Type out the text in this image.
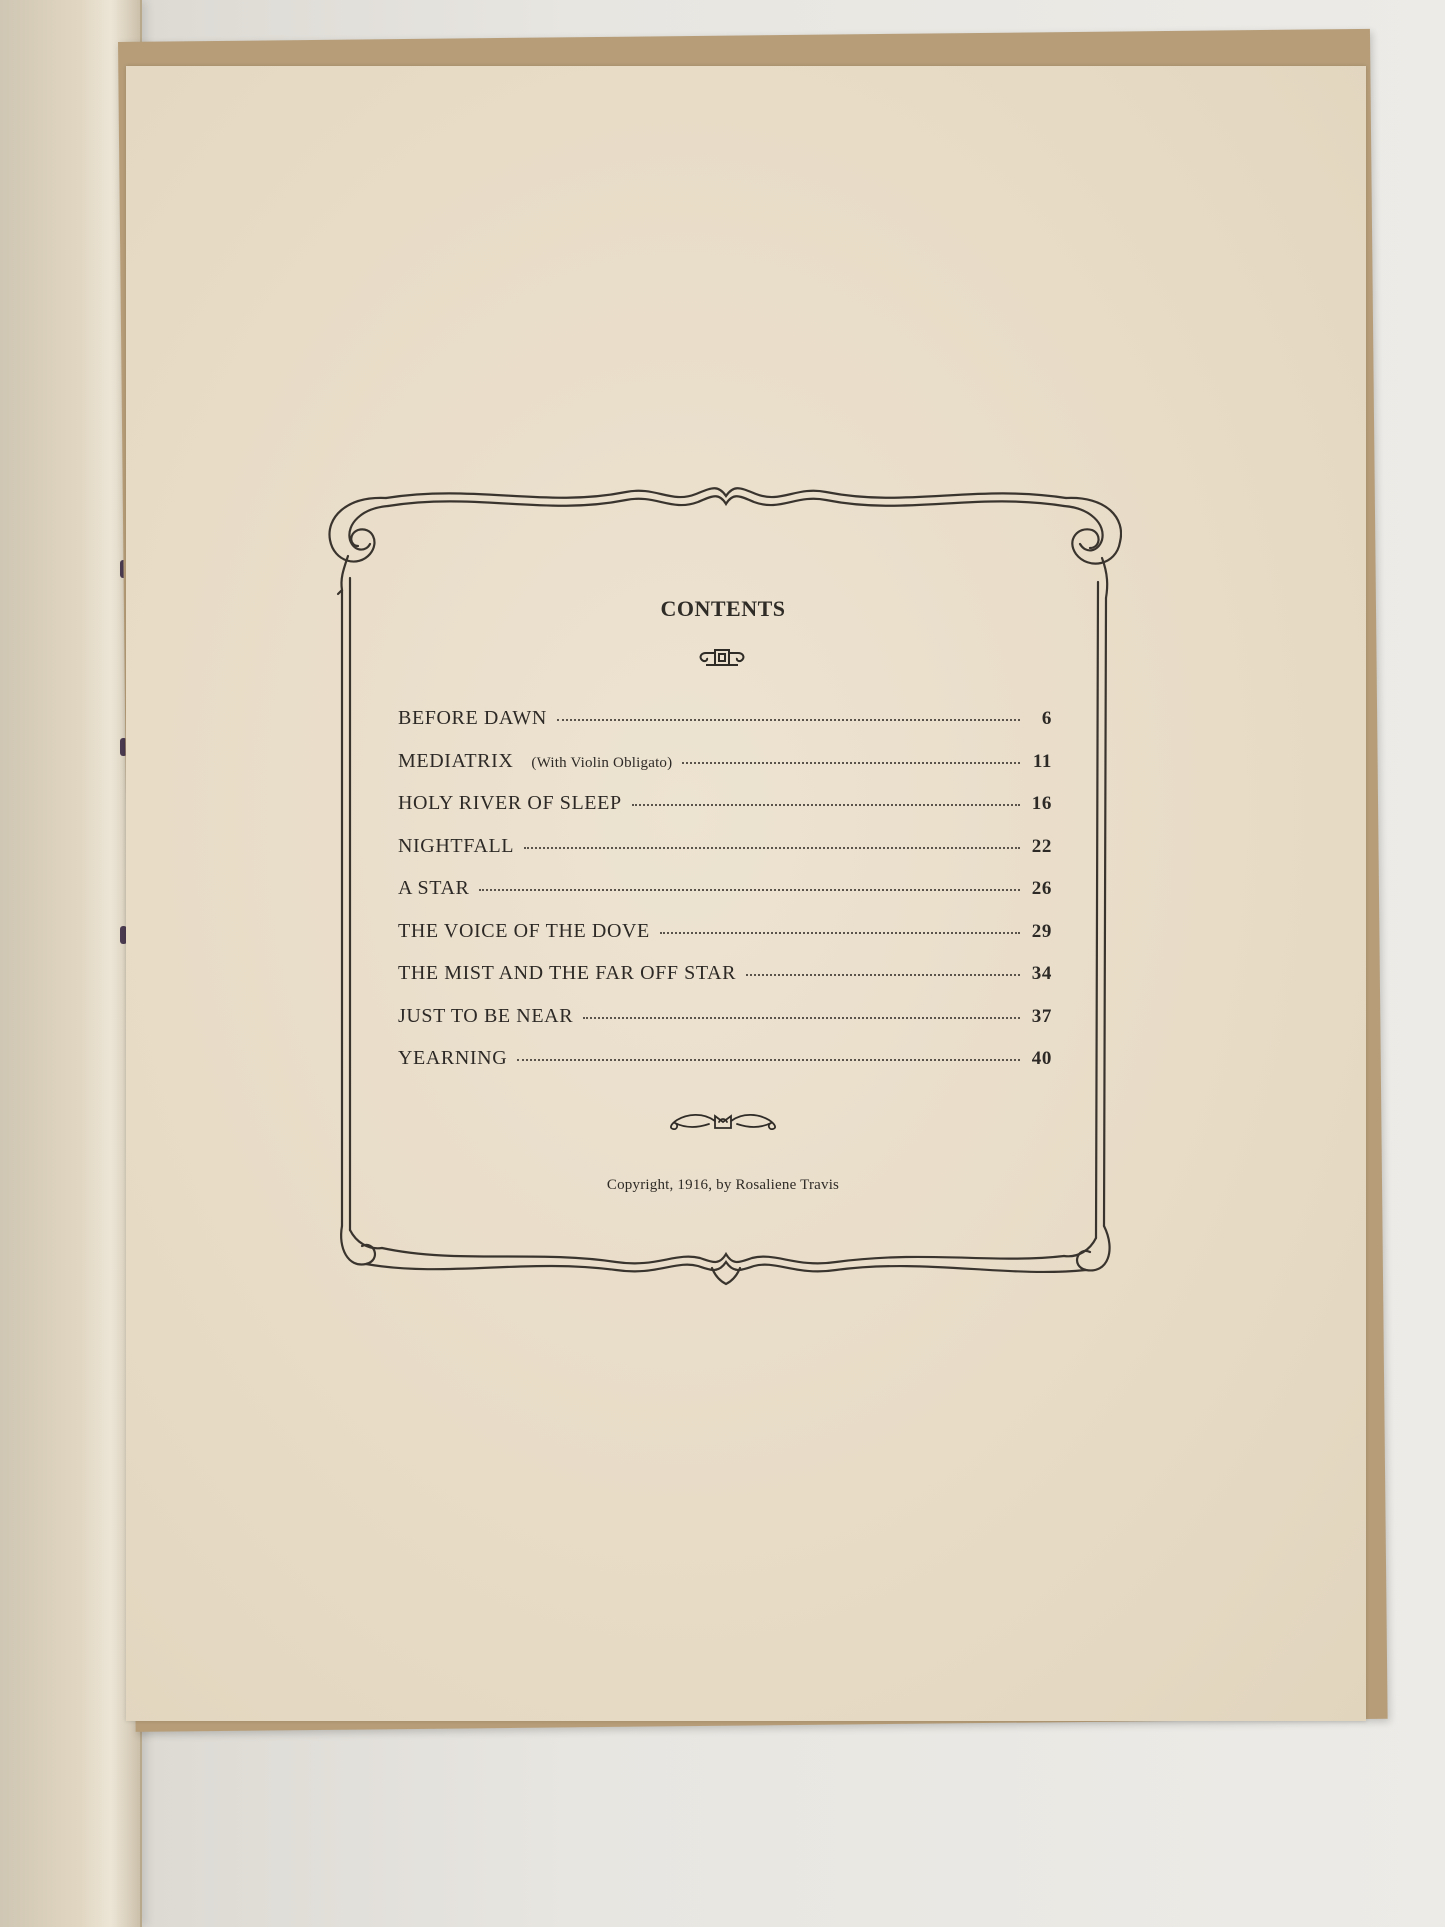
CONTENTS
BEFORE DAWN	6
MEDIATRIX (With Violin Obligato)	11
HOLY RIVER OF SLEEP	16
NIGHTFALL	22
A STAR	26
THE VOICE OF THE DOVE	29
THE MIST AND THE FAR OFF STAR	34
JUST TO BE NEAR	37
YEARNING	40
Copyright, 1916, by Rosaliene Travis
